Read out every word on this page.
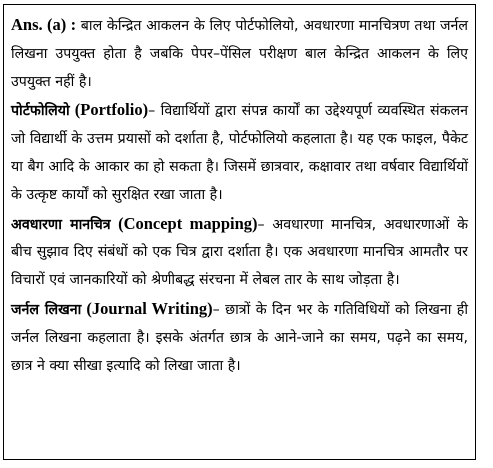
Ans. (a) : बाल केन्द्रित आकलन के लिए पोर्टफोलियो, अवधारणा मानचित्रण तथा जर्नल लिखना उपयुक्त होता है जबकि पेपर–पेंसिल परीक्षण बाल केन्द्रित आकलन के लिए उपयुक्त नहीं है।

पोर्टफोलियो (Portfolio)– विद्यार्थियों द्वारा संपन्न कार्यों का उद्देश्यपूर्ण व्यवस्थित संकलन जो विद्यार्थी के उत्तम प्रयासों को दर्शाता है, पोर्टफोलियो कहलाता है। यह एक फाइल, पैकेट या बैग आदि के आकार का हो सकता है। जिसमें छात्रवार, कक्षावार तथा वर्षवार विद्यार्थियों के उत्कृष्ट कार्यों को सुरक्षित रखा जाता है।

अवधारणा मानचित्र (Concept mapping)– अवधारणा मानचित्र, अवधारणाओं के बीच सुझाव दिए संबंधों को एक चित्र द्वारा दर्शाता है। एक अवधारणा मानचित्र आमतौर पर विचारों एवं जानकारियों को श्रेणीबद्ध संरचना में लेबल तार के साथ जोड़ता है।

जर्नल लिखना (Journal Writing)– छात्रों के दिन भर के गतिविधियों को लिखना ही जर्नल लिखना कहलाता है। इसके अंतर्गत छात्र के आने-जाने का समय, पढ़ने का समय, छात्र ने क्या सीखा इत्यादि को लिखा जाता है।
